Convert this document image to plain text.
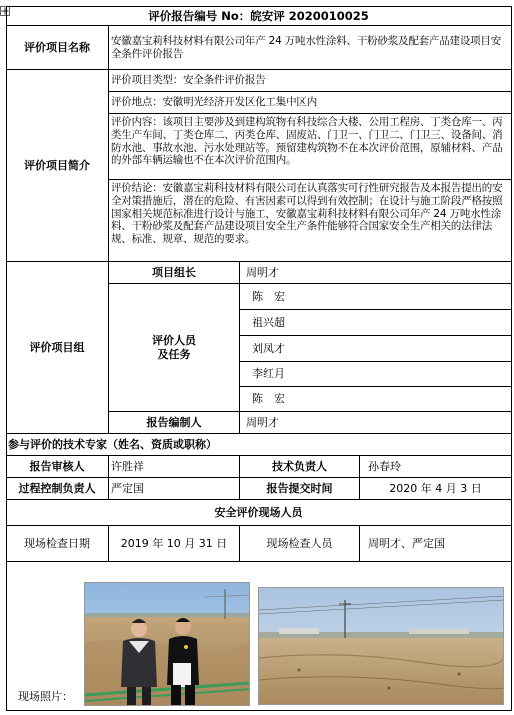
评价报告编号 No：皖安评 2020010025
评价项目名称	安徽嘉宝莉科技材料有限公司年产 24 万吨水性涂料、干粉砂浆及配套产品建设项目安全条件评价报告
评价项目简介
评价项目类型：安全条件评价报告
评价地点：安徽明光经济开发区化工集中区内
评价内容：该项目主要涉及到建构筑物有科技综合大楼、公用工程房、丁类仓库一、丙类生产车间、丁类仓库二、丙类仓库、固废站、门卫一、门卫二、门卫三、设备间、消防水池、事故水池、污水处理站等。预留建构筑物不在本次评价范围，原辅材料、产品的外部车辆运输也不在本次评价范围内。
评价结论：安徽嘉宝莉科技材料有限公司在认真落实可行性研究报告及本报告提出的安全对策措施后，潜在的危险、有害因素可以得到有效控制；在设计与施工阶段严格按照国家相关规范标准进行设计与施工，安徽嘉宝莉科技材料有限公司年产 24 万吨水性涂料、干粉砂浆及配套产品建设项目安全生产条件能够符合国家安全生产相关的法律法规、标准、规章、规范的要求。
评价项目组
项目组长	周明才
评价人员
及任务
陈　宏
祖兴超
刘凤才
李红月
陈　宏
报告编制人	周明才
参与评价的技术专家（姓名、资质或职称）
报告审核人	许胜祥	技术负责人	孙春玲
过程控制负责人	严定国	报告提交时间	2020 年 4 月 3 日
安全评价现场人员
现场检查日期	2019 年 10 月 31 日	现场检查人员	周明才、严定国
现场照片：
